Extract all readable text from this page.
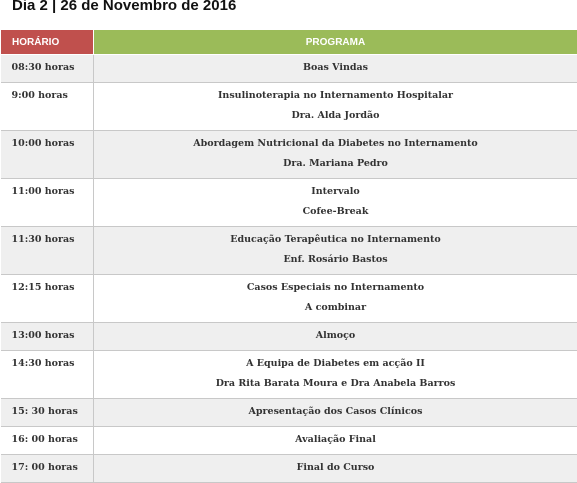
Dia 2 | 26 de Novembro de 2016
HORÁRIO	PROGRAMA

08:30 horas	Boas Vindas

9:00 horas	Insulinoterapia no Internamento Hospitalar
Dra. Alda Jordão

10:00 horas	Abordagem Nutricional da Diabetes no Internamento
Dra. Mariana Pedro

11:00 horas	Intervalo
Cofee-Break

11:30 horas	Educação Terapêutica no Internamento
Enf. Rosário Bastos

12:15 horas	Casos Especiais no Internamento
A combinar

13:00 horas	Almoço

14:30 horas	A Equipa de Diabetes em acção II
Dra Rita Barata Moura e Dra Anabela Barros

15: 30 horas	Apresentação dos Casos Clínicos

16: 00 horas	Avaliação Final

17: 00 horas	Final do Curso
